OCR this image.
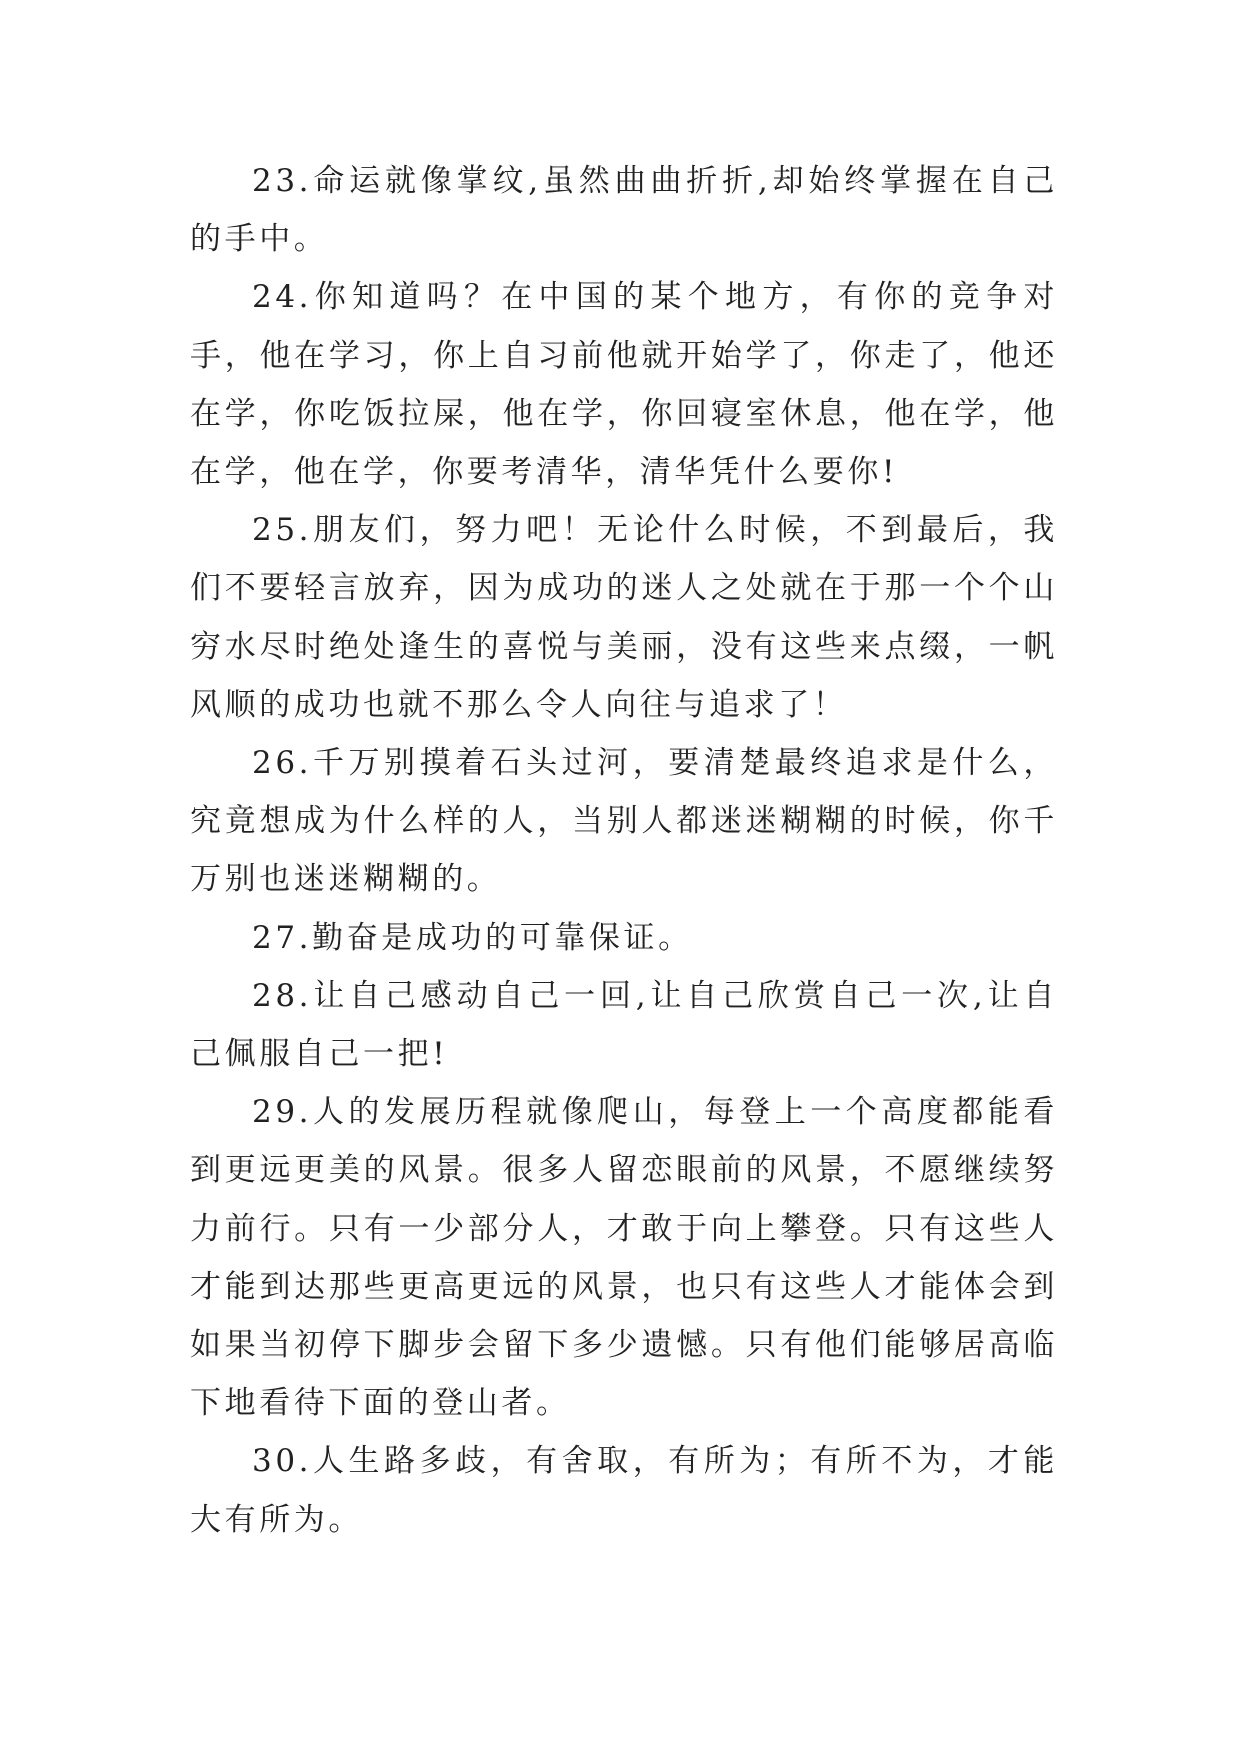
23.命运就像掌纹,虽然曲曲折折,却始终掌握在自己的手中。

24.你知道吗？在中国的某个地方，有你的竞争对手，他在学习，你上自习前他就开始学了，你走了，他还在学，你吃饭拉屎，他在学，你回寝室休息，他在学，他在学，他在学，你要考清华，清华凭什么要你!

25.朋友们，努力吧！无论什么时候，不到最后，我们不要轻言放弃，因为成功的迷人之处就在于那一个个山穷水尽时绝处逢生的喜悦与美丽，没有这些来点缀，一帆风顺的成功也就不那么令人向往与追求了！

26.千万别摸着石头过河，要清楚最终追求是什么，究竟想成为什么样的人，当别人都迷迷糊糊的时候，你千万别也迷迷糊糊的。

27.勤奋是成功的可靠保证。

28.让自己感动自己一回,让自己欣赏自己一次,让自己佩服自己一把!

29.人的发展历程就像爬山，每登上一个高度都能看到更远更美的风景。很多人留恋眼前的风景，不愿继续努力前行。只有一少部分人，才敢于向上攀登。只有这些人才能到达那些更高更远的风景，也只有这些人才能体会到如果当初停下脚步会留下多少遗憾。只有他们能够居高临下地看待下面的登山者。

30.人生路多歧，有舍取，有所为；有所不为，才能大有所为。
